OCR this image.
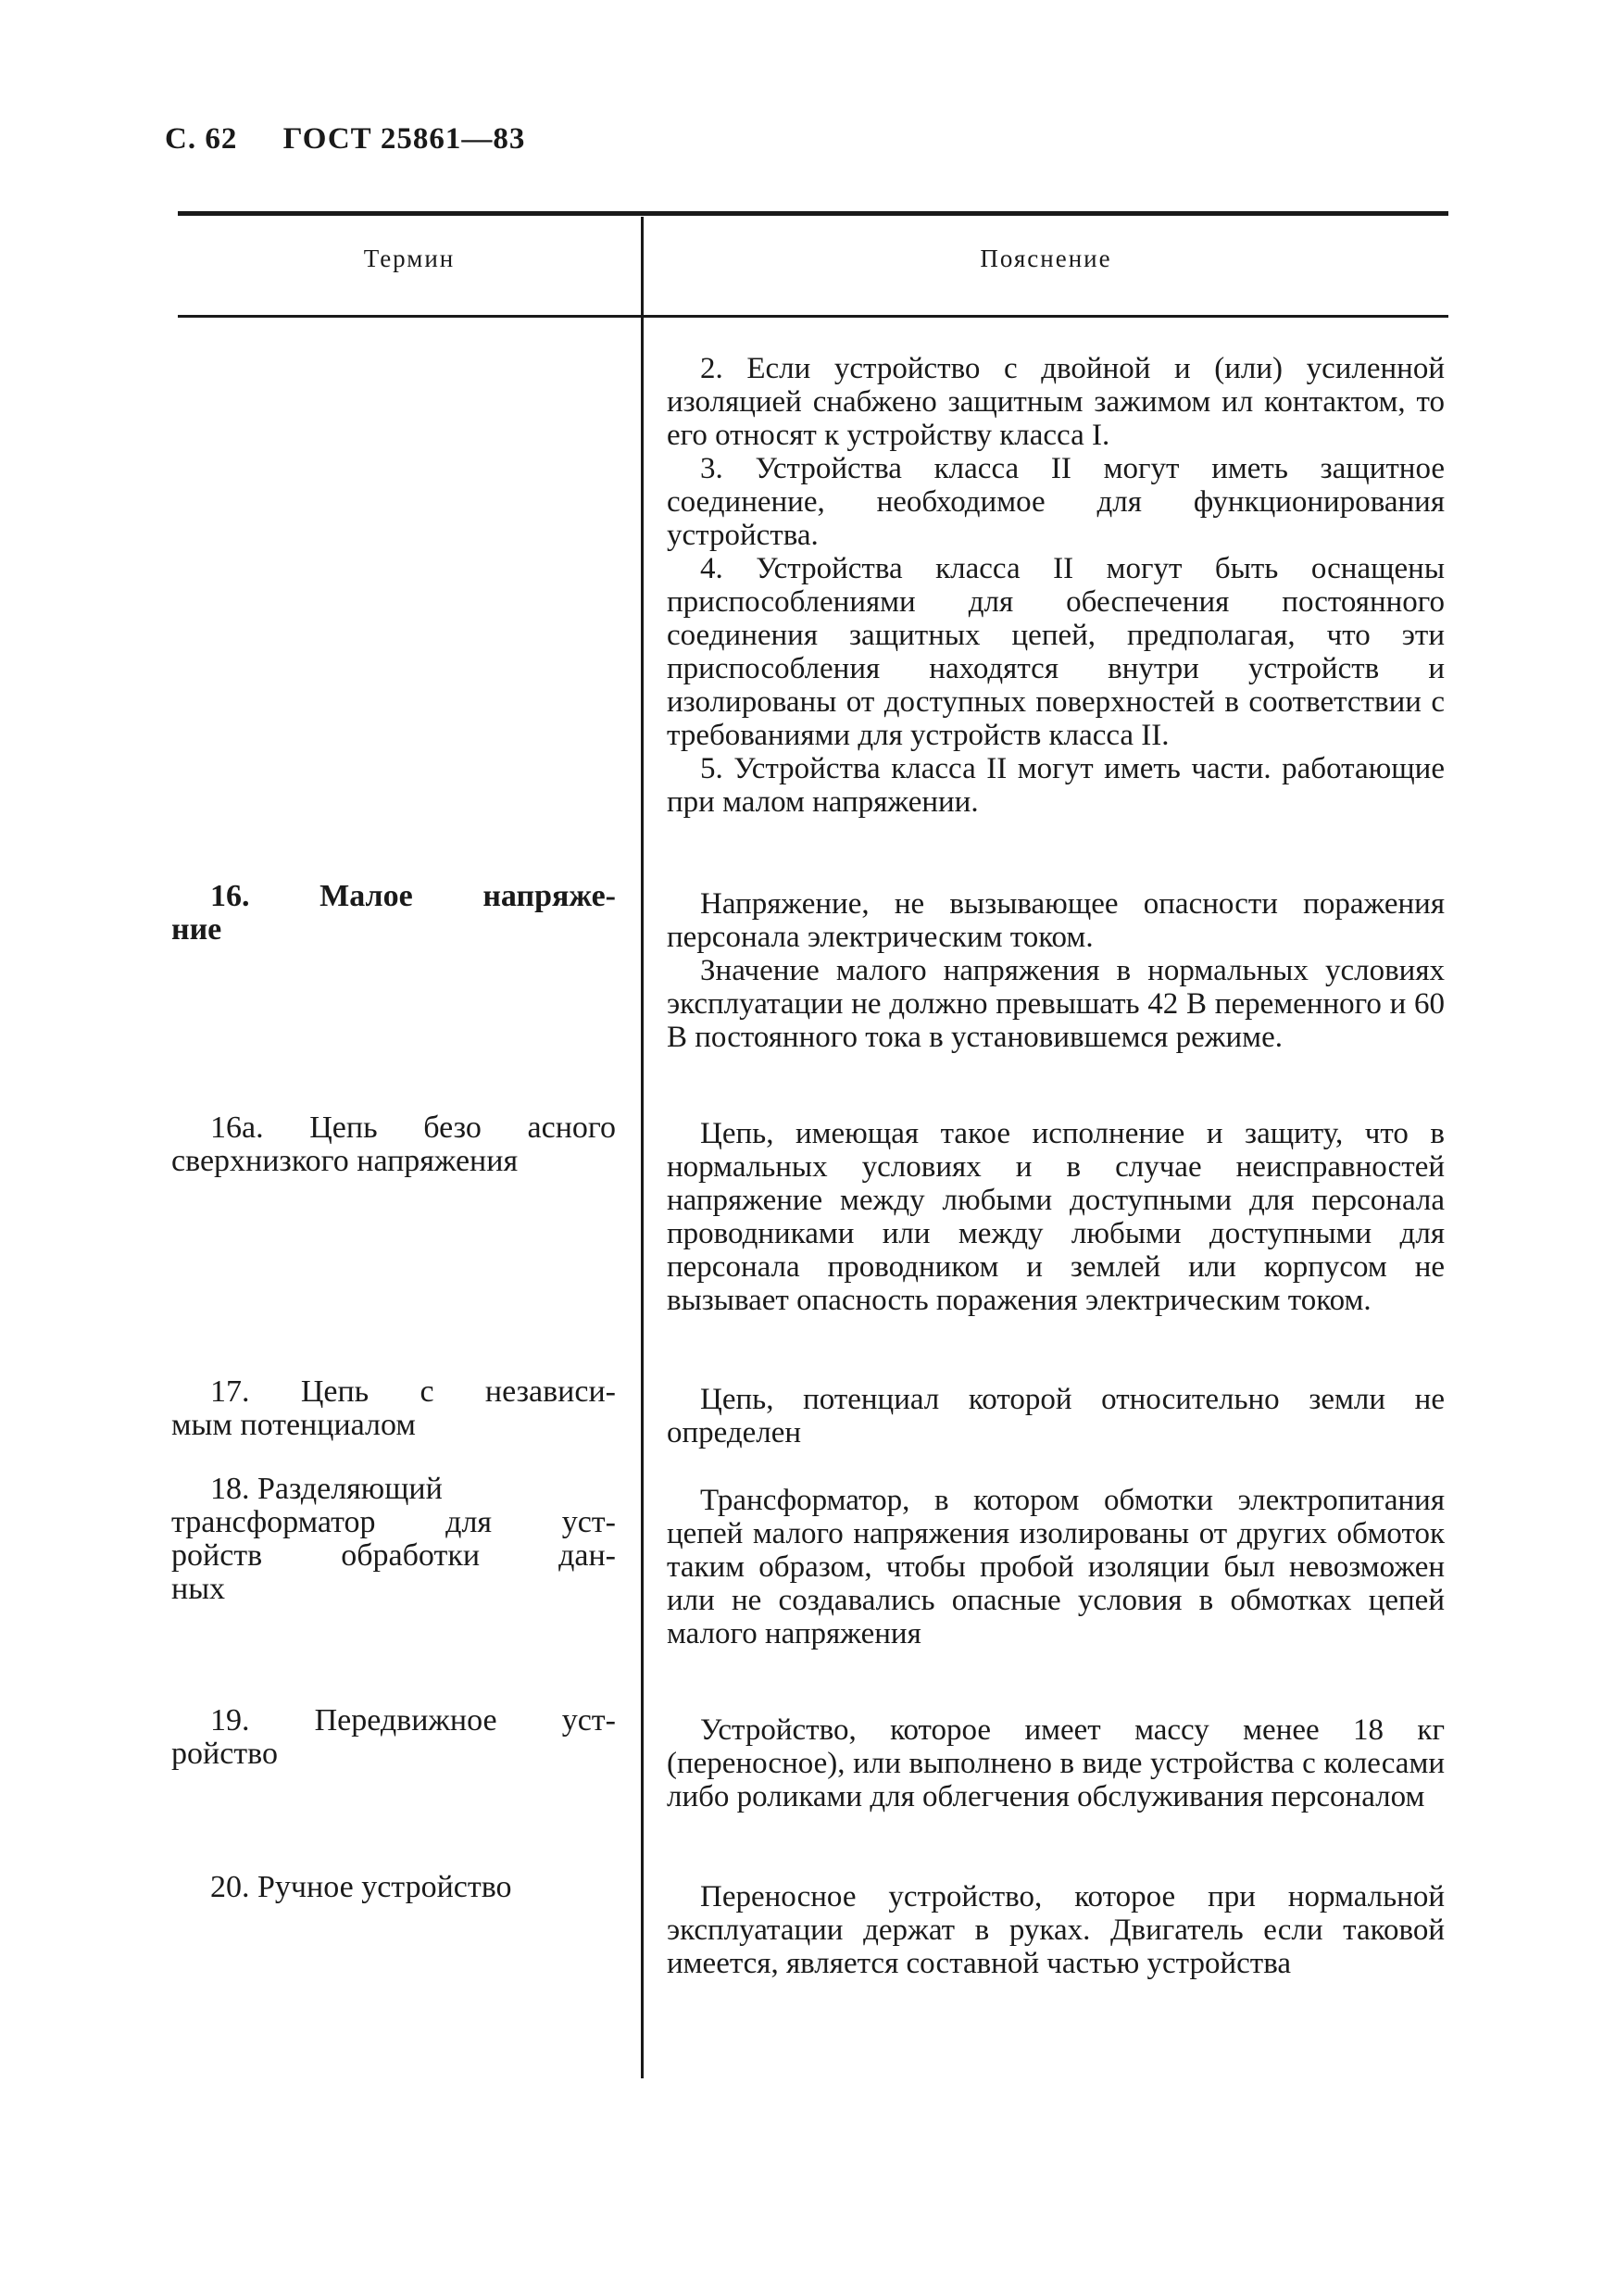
С. 62 ГОСТ 25861—83
Термин	Пояснение

2. Если устройство с двойной и (или) усиленной изоляцией снабжено защитным зажимом ил контактом, то его относят к устройству класса I.

3. Устройства класса II могут иметь защитное соединение, необходимое для функционирования устройства.

4. Устройства класса II могут быть оснащены приспособлениями для обеспечения постоянного соединения защитных цепей, предполагая, что эти приспособления находятся внутри устройств и изолированы от доступных поверхностей в соответствии с требованиями для устройств класса II.

5. Устройства класса II могут иметь части. работающие при малом напряжении.

16. Малое напряже-
ние

Напряжение, не вызывающее опасности поражения персонала электрическим током.

Значение малого напряжения в нормальных условиях эксплуатации не должно превышать 42 В переменного и 60 В постоянного тока в установившемся режиме.

16а. Цепь безо асного
сверхнизкого напряжения

Цепь, имеющая такое исполнение и защиту, что в нормальных условиях и в случае неисправностей напряжение между любыми доступными для персонала проводниками или между любыми доступными для персонала проводником и землей или корпусом не вызывает опасность поражения электрическим током.

17. Цепь с независи-
мым потенциалом

Цепь, потенциал которой относительно земли не определен

18. Разделяющий
трансформатор для уст-
ройств обработки дан-
ных

Трансформатор, в котором обмотки электропитания цепей малого напряжения изолированы от других обмоток таким образом, чтобы пробой изоляции был невозможен или не создавались опасные условия в обмотках цепей малого напряжения

19. Передвижное уст-
ройство

Устройство, которое имеет массу менее 18 кг (переносное), или выполнено в виде устройства с колесами либо роликами для облегчения обслуживания персоналом

20. Ручное устройство	Переносное устройство, которое при нормальной эксплуатации держат в руках. Двигатель если таковой имеется, является составной частью устройства
